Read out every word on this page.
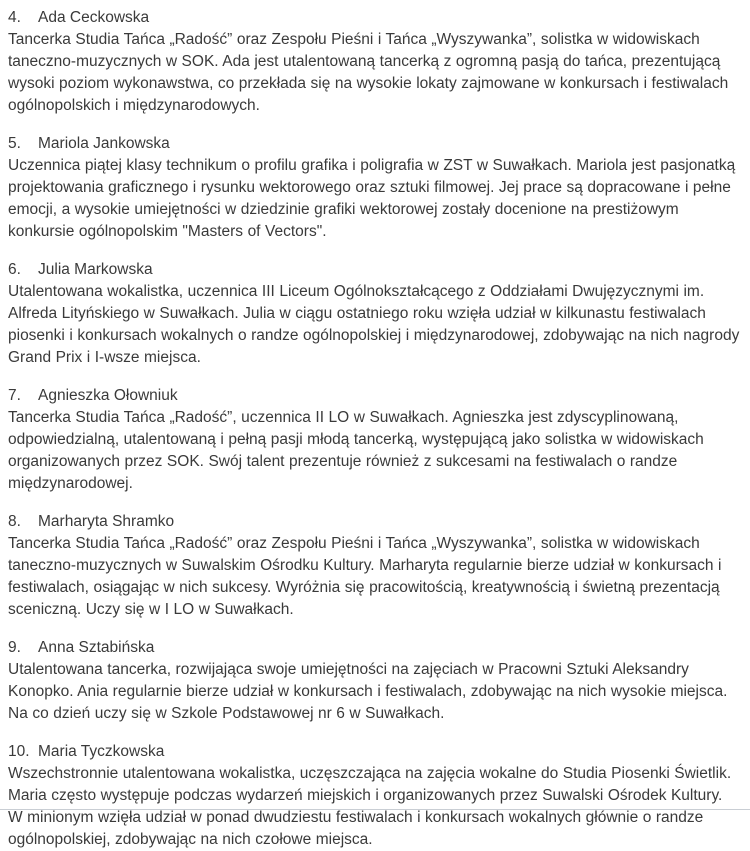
4.	Ada Ceckowska

Tancerka Studia Tańca „Radość” oraz Zespołu Pieśni i Tańca „Wyszywanka”, solistka w widowiskach taneczno-muzycznych w SOK. Ada jest utalentowaną tancerką z ogromną pasją do tańca, prezentującą wysoki poziom wykonawstwa, co przekłada się na wysokie lokaty zajmowane w konkursach i festiwalach ogólnopolskich i międzynarodowych.

5.	Mariola Jankowska

Uczennica piątej klasy technikum o profilu grafika i poligrafia w ZST w Suwałkach. Mariola jest pasjonatką projektowania graficznego i rysunku wektorowego oraz sztuki filmowej. Jej prace są dopracowane i pełne emocji, a wysokie umiejętności w dziedzinie grafiki wektorowej zostały docenione na prestiżowym konkursie ogólnopolskim "Masters of Vectors".

6.	Julia Markowska

Utalentowana wokalistka, uczennica III Liceum Ogólnokształcącego z Oddziałami Dwujęzycznymi im. Alfreda Lityńskiego w Suwałkach. Julia w ciągu ostatniego roku wzięła udział w kilkunastu festiwalach piosenki i konkursach wokalnych o randze ogólnopolskiej i międzynarodowej, zdobywając na nich nagrody Grand Prix i I-wsze miejsca.

7.	Agnieszka Ołowniuk

Tancerka Studia Tańca „Radość”, uczennica II LO w Suwałkach. Agnieszka jest zdyscyplinowaną, odpowiedzialną, utalentowaną i pełną pasji młodą tancerką, występującą jako solistka w widowiskach organizowanych przez SOK. Swój talent prezentuje również z sukcesami na festiwalach o randze międzynarodowej.

8.	Marharyta Shramko

Tancerka Studia Tańca „Radość” oraz Zespołu Pieśni i Tańca „Wyszywanka”, solistka w widowiskach taneczno-muzycznych w Suwalskim Ośrodku Kultury. Marharyta regularnie bierze udział w konkursach i festiwalach, osiągając w nich sukcesy. Wyróżnia się pracowitością, kreatywnością i świetną prezentacją sceniczną. Uczy się w I LO w Suwałkach.

9.	Anna Sztabińska

Utalentowana tancerka, rozwijająca swoje umiejętności na zajęciach w Pracowni Sztuki Aleksandry Konopko. Ania regularnie bierze udział w konkursach i festiwalach, zdobywając na nich wysokie miejsca. Na co dzień uczy się w Szkole Podstawowej nr 6 w Suwałkach.

10. Maria Tyczkowska

Wszechstronnie utalentowana wokalistka, uczęszczająca na zajęcia wokalne do Studia Piosenki Świetlik. Maria często występuje podczas wydarzeń miejskich i organizowanych przez Suwalski Ośrodek Kultury. W minionym wzięła udział w ponad dwudziestu festiwalach i konkursach wokalnych głównie o randze ogólnopolskiej, zdobywając na nich czołowe miejsca.
